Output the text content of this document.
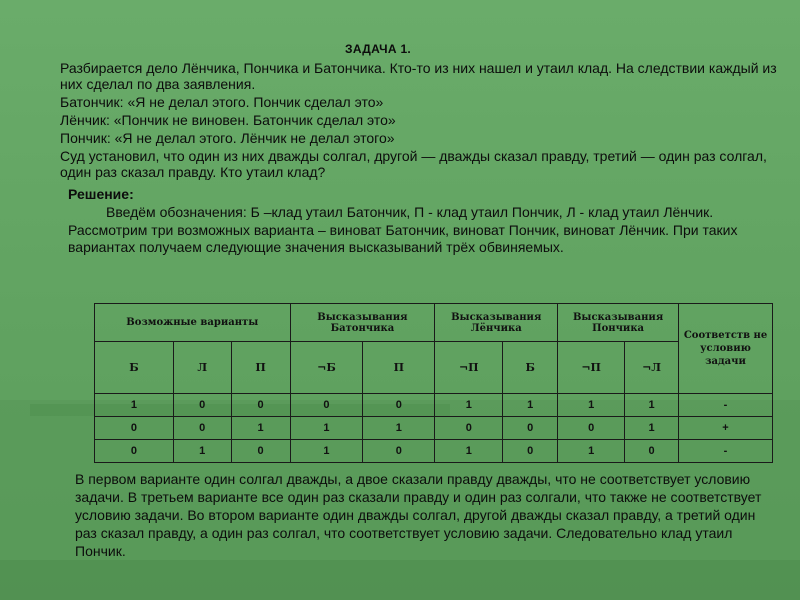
ЗАДАЧА 1.

Разбирается дело Лёнчика, Пончика и Батончика. Кто-то из них нашел и утаил клад. На следствии каждый из них сделал по два заявления.

Батончик: «Я не делал этого. Пончик сделал это»

Лёнчик: «Пончик не виновен. Батончик сделал это»

Пончик: «Я не делал этого. Лёнчик не делал этого»

Суд установил, что один из них дважды солгал, другой — дважды сказал правду, третий — один раз солгал, один раз сказал правду. Кто утаил клад?

Решение:
Введём обозначения: Б –клад утаил Батончик, П - клад утаил Пончик, Л - клад утаил Лёнчик. Рассмотрим три возможных варианта – виноват Батончик, виноват Пончик, виноват Лёнчик. При таких вариантах получаем следующие значения высказываний трёх обвиняемых.
Возможные варианты			Высказывания Батончика		Высказывания Лёнчика		Высказывания Пончика		Соответств не условию задачи
Б	Л	П	¬Б	П	¬П	Б	¬П	¬Л	
1	0	0	0	0	1	1	1	1	-
0	0	1	1	1	0	0	0	1	+
0	1	0	1	0	1	0	1	0	-
В первом варианте один солгал дважды, а двое сказали правду дважды, что не соответствует условию задачи. В третьем варианте все один раз сказали правду и один раз солгали, что также не соответствует условию задачи. Во втором варианте один дважды солгал, другой дважды сказал правду, а третий один раз сказал правду, а один раз солгал, что соответствует условию задачи. Следовательно клад утаил Пончик.
